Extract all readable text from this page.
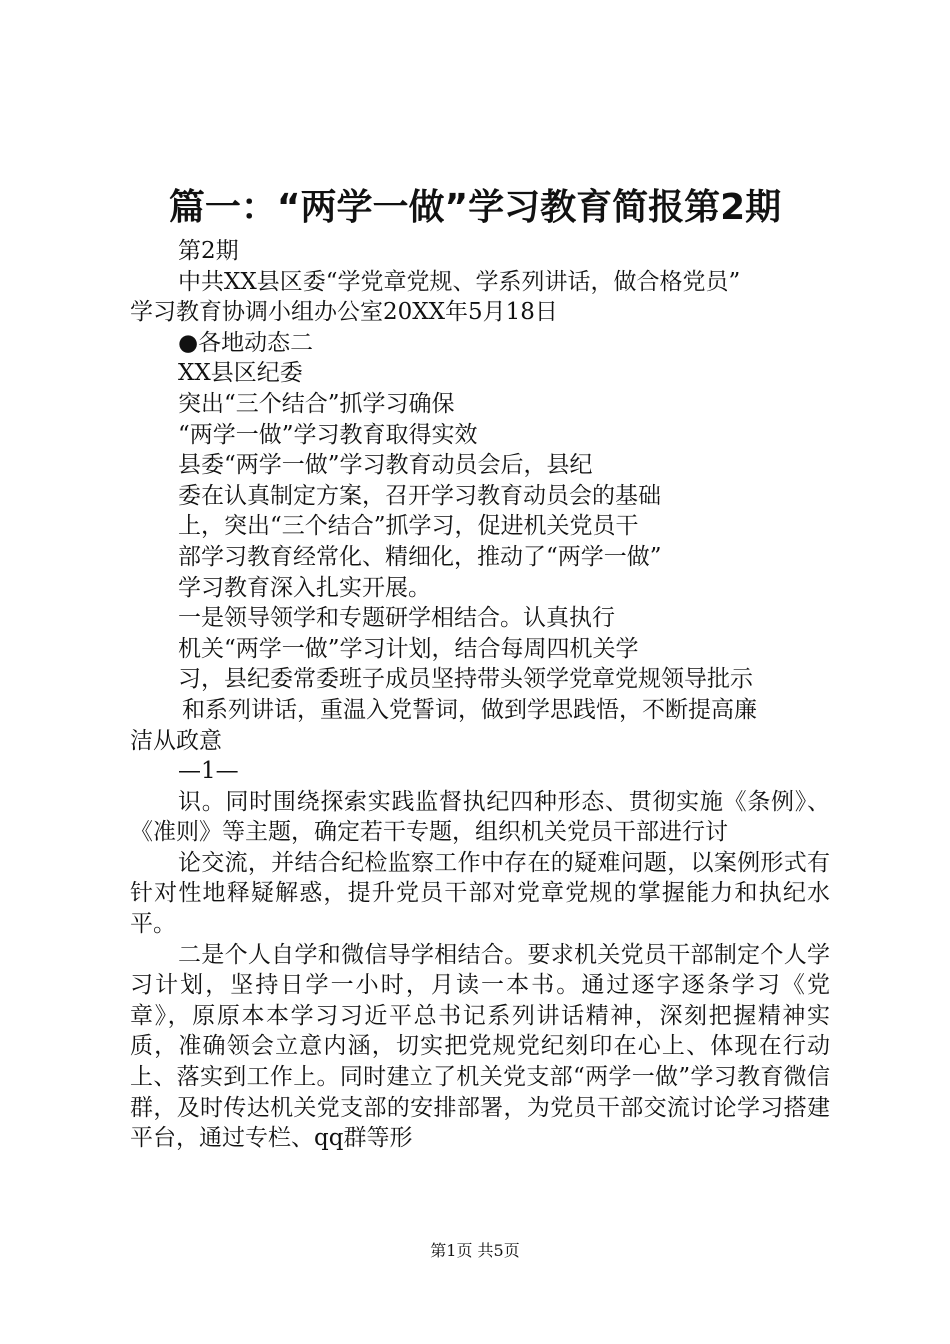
篇一：“两学一做”学习教育简报第2期
第2期
中共XX县区委“学党章党规、学系列讲话，做合格党员”
学习教育协调小组办公室20XX年5月18日
●各地动态二
XX县区纪委
突出“三个结合”抓学习确保
“两学一做”学习教育取得实效
县委“两学一做”学习教育动员会后，县纪
委在认真制定方案，召开学习教育动员会的基础
上，突出“三个结合”抓学习，促进机关党员干
部学习教育经常化、精细化，推动了“两学一做”
学习教育深入扎实开展。
一是领导领学和专题研学相结合。认真执行
机关“两学一做”学习计划，结合每周四机关学
习，县纪委常委班子成员坚持带头领学党章党规领导批示
和系列讲话，重温入党誓词，做到学思践悟，不断提高廉
洁从政意
—1—
识。同时围绕探索实践监督执纪四种形态、贯彻实施《条例》、《准则》等主题，确定若干专题，组织机关党员干部进行讨
论交流，并结合纪检监察工作中存在的疑难问题，以案例形式有针对性地释疑解惑，提升党员干部对党章党规的掌握能力和执纪水平。
二是个人自学和微信导学相结合。要求机关党员干部制定个人学习计划，坚持日学一小时，月读一本书。通过逐字逐条学习《党章》，原原本本学习习近平总书记系列讲话精神，深刻把握精神实质，准确领会立意内涵，切实把党规党纪刻印在心上、体现在行动上、落实到工作上。同时建立了机关党支部“两学一做”学习教育微信群，及时传达机关党支部的安排部署，为党员干部交流讨论学习搭建平台，通过专栏、qq群等形
第1页 共5页
